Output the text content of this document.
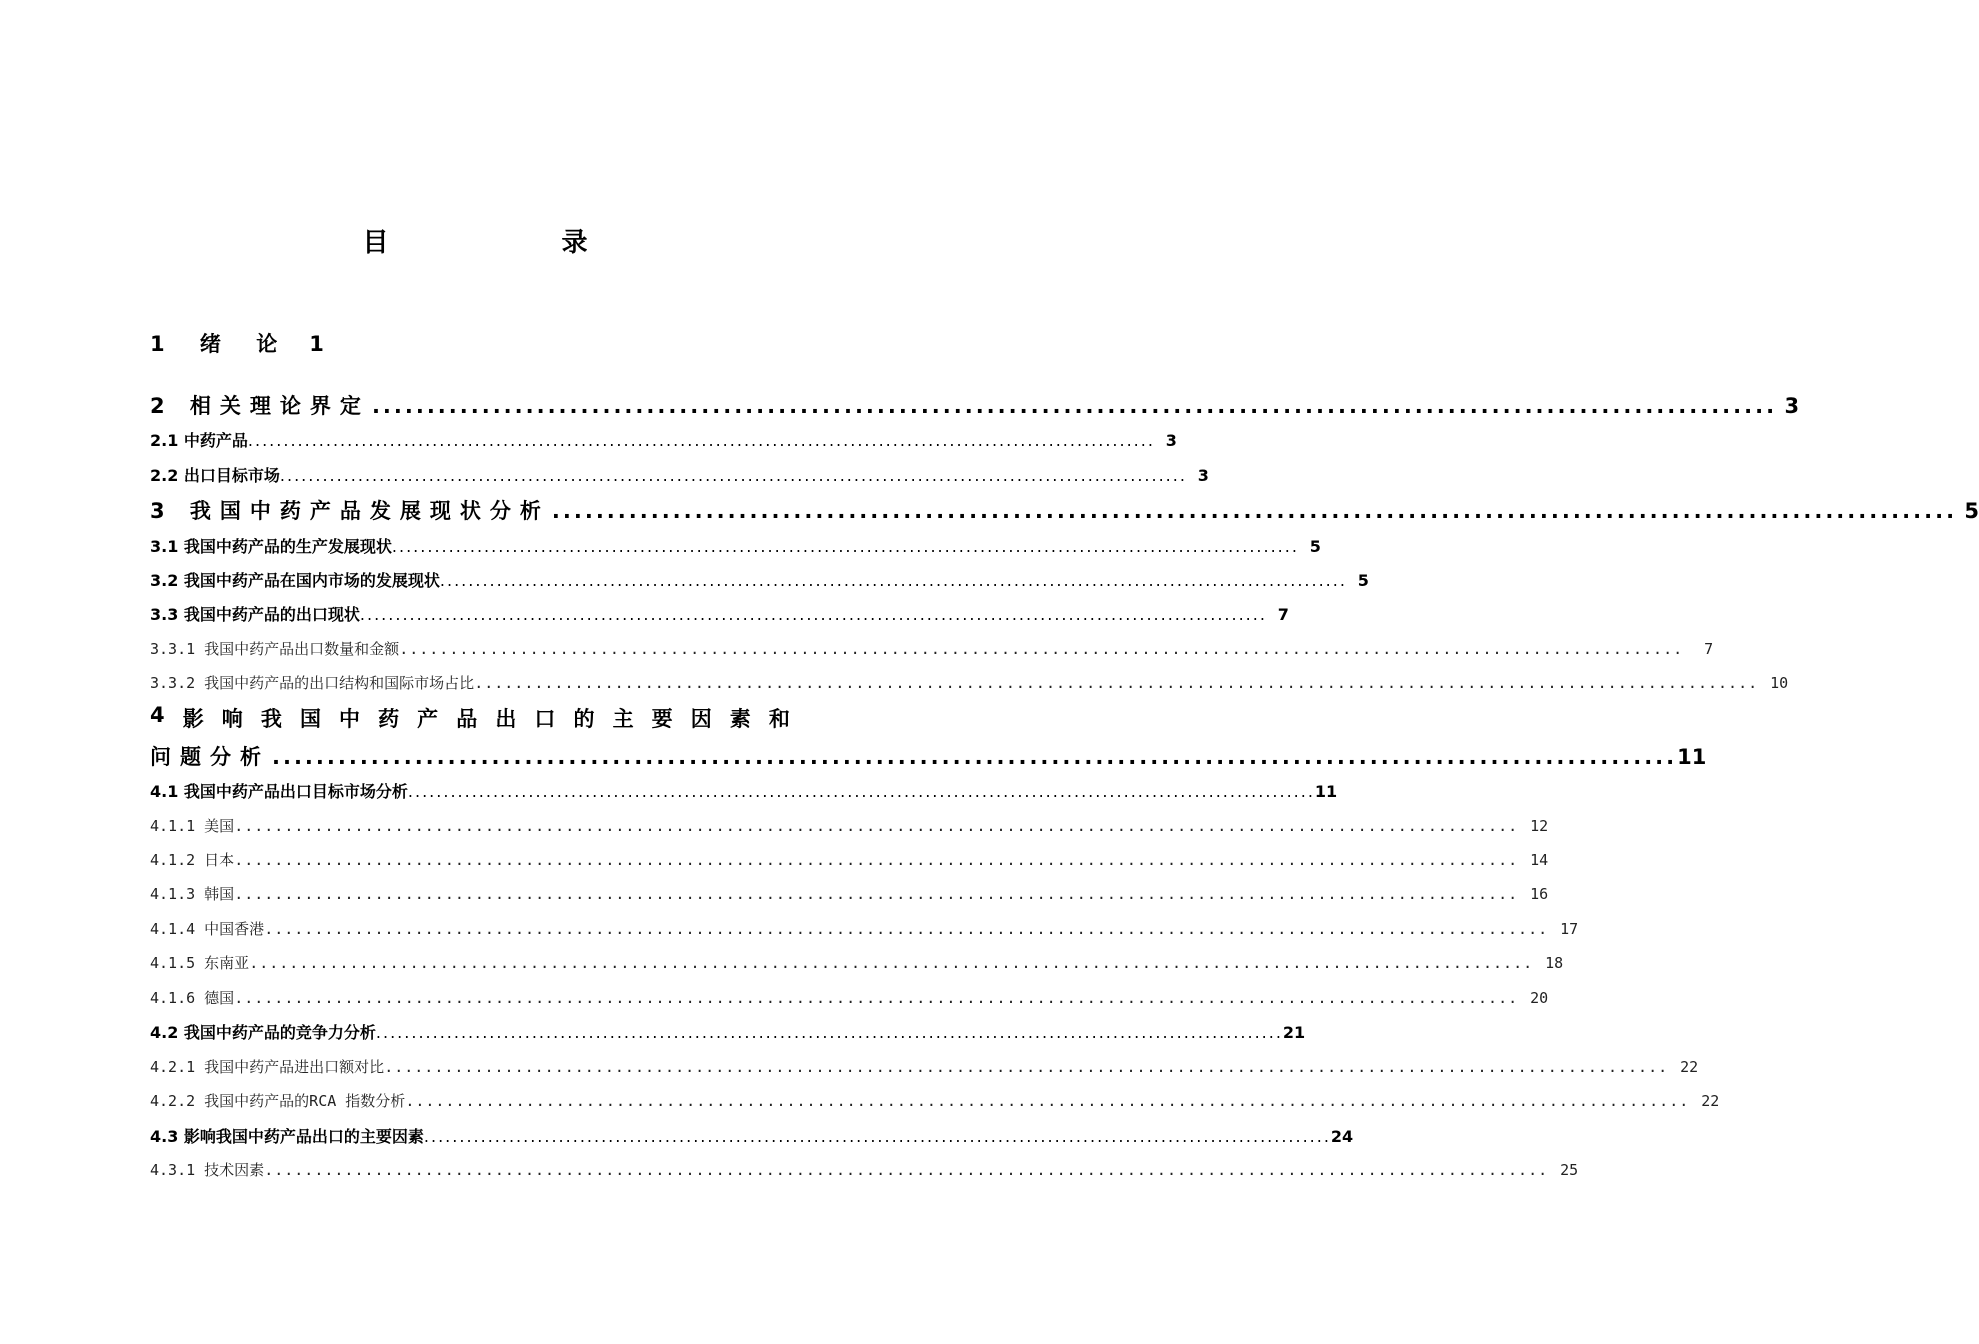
目 录
1 绪 论 1
2 相关理论界定 ................................................................................................................................ 3
2.1 中药产品 ................................................................................................................................ 3
2.2 出口目标市场 ................................................................................................................................ 3
3 我国中药产品发展现状分析 ................................................................................................................................ 5
3.1 我国中药产品的生产发展现状 ................................................................................................................................ 5
3.2 我国中药产品在国内市场的发展现状 ................................................................................................................................ 5
3.3 我国中药产品的出口现状 ................................................................................................................................ 7
3.3.1 我国中药产品出口数量和金额 ................................................................................................................................	7
3.3.2 我国中药产品的出口结构和国际市场占比 ................................................................................................................................ 10
4 影 响 我 国 中 药 产 品 出 口 的 主 要 因 素 和
问题分析 ................................................................................................................................ 11
4.1 我国中药产品出口目标市场分析 ................................................................................................................................ 11
4.1.1 美国 ................................................................................................................................ 12
4.1.2 日本 ................................................................................................................................ 14
4.1.3 韩国 ................................................................................................................................ 16
4.1.4 中国香港 ................................................................................................................................ 17
4.1.5 东南亚 ................................................................................................................................ 18
4.1.6 德国 ................................................................................................................................ 20
4.2 我国中药产品的竞争力分析 ................................................................................................................................ 21
4.2.1 我国中药产品进出口额对比 ................................................................................................................................ 22
4.2.2 我国中药产品的RCA 指数分析 ................................................................................................................................ 22
4.3 影响我国中药产品出口的主要因素 ................................................................................................................................ 24
4.3.1 技术因素 ................................................................................................................................ 25
